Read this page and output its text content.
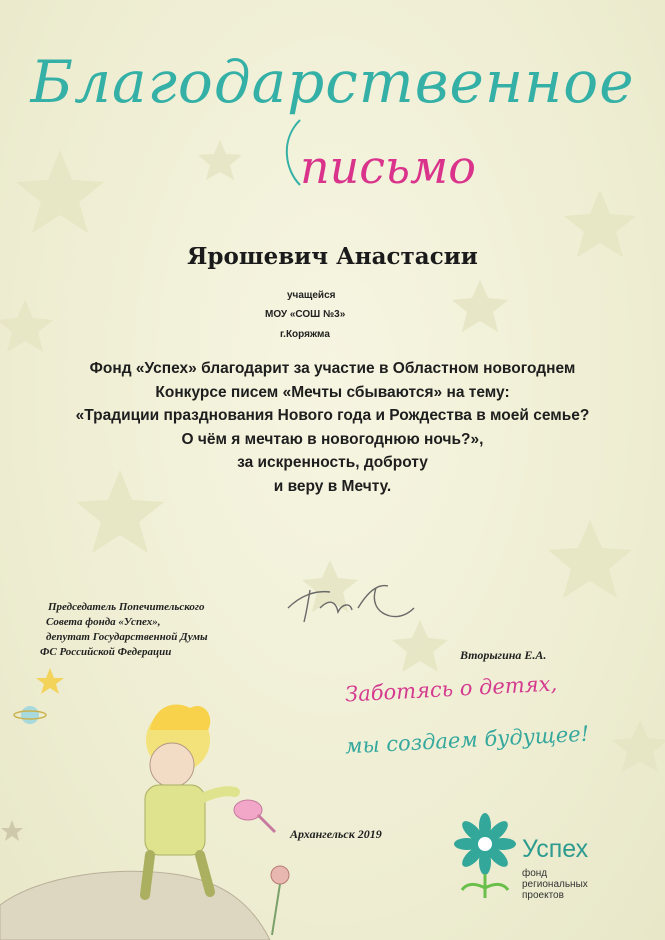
Благодарственное
письмо
Ярошевич Анастасии
учащейся
МОУ «СОШ №3»
г.Коряжма
Фонд «Успех» благодарит за участие в Областном новогоднем
Конкурсе писем «Мечты сбываются» на тему:
«Традиции празднования Нового года и Рождества в моей семье?
О чём я мечтаю в новогоднюю ночь?»,
за искренность, доброту
и веру в Мечту.
Председатель Попечительского
Совета фонда «Успех»,
депутат Государственной Думы
ФС Российской Федерации	Вторыгина Е.А.
Заботясь о детях,
мы создаем будущее!
Архангельск 2019
Успех
фонд
региональных
проектов
